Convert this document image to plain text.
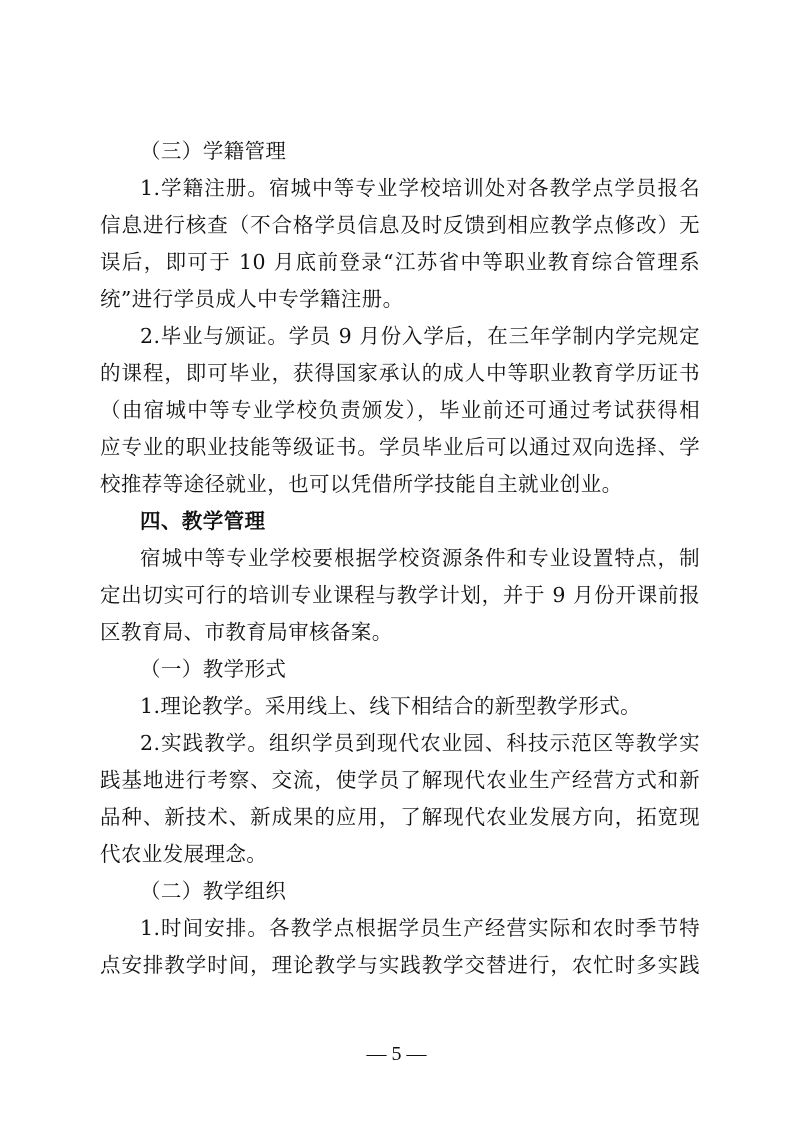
（三）学籍管理
1.学籍注册。宿城中等专业学校培训处对各教学点学员报名
信息进行核查（不合格学员信息及时反馈到相应教学点修改）无
误后，即可于 10 月底前登录“江苏省中等职业教育综合管理系
统”进行学员成人中专学籍注册。
2.毕业与颁证。学员 9 月份入学后，在三年学制内学完规定
的课程，即可毕业，获得国家承认的成人中等职业教育学历证书
（由宿城中等专业学校负责颁发），毕业前还可通过考试获得相
应专业的职业技能等级证书。学员毕业后可以通过双向选择、学
校推荐等途径就业，也可以凭借所学技能自主就业创业。
四、教学管理
宿城中等专业学校要根据学校资源条件和专业设置特点，制
定出切实可行的培训专业课程与教学计划，并于 9 月份开课前报
区教育局、市教育局审核备案。
（一）教学形式
1.理论教学。采用线上、线下相结合的新型教学形式。
2.实践教学。组织学员到现代农业园、科技示范区等教学实
践基地进行考察、交流，使学员了解现代农业生产经营方式和新
品种、新技术、新成果的应用，了解现代农业发展方向，拓宽现
代农业发展理念。
（二）教学组织
1.时间安排。各教学点根据学员生产经营实际和农时季节特
点安排教学时间，理论教学与实践教学交替进行，农忙时多实践
— 5 —
